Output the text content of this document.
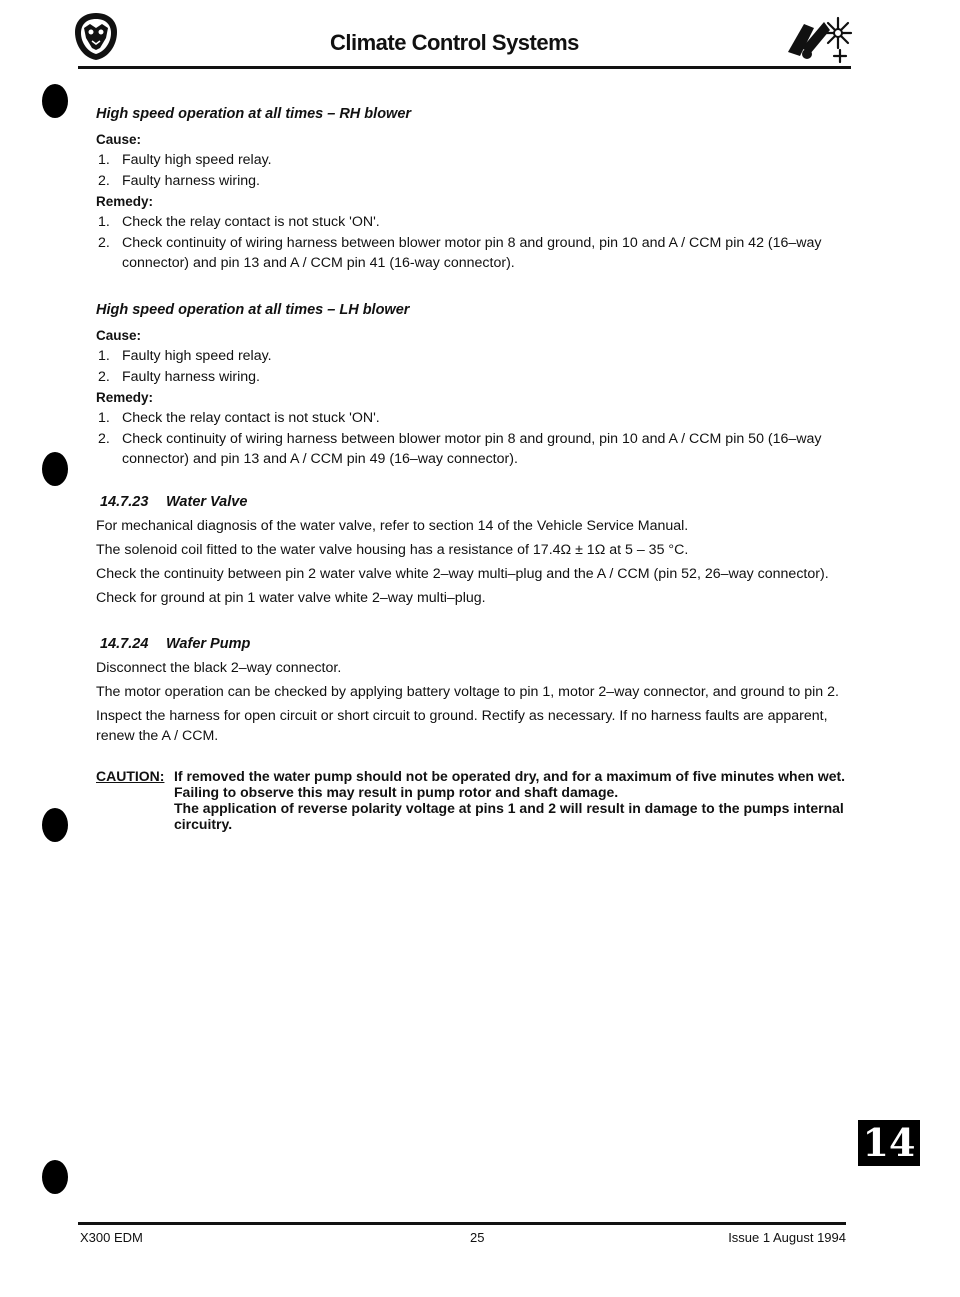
Climate Control Systems
High speed operation at all times – RH blower
Cause:
1. Faulty high speed relay.
2. Faulty harness wiring.
Remedy:
1. Check the relay contact is not stuck 'ON'.
2. Check continuity of wiring harness between blower motor pin 8 and ground, pin 10 and A / CCM pin 42 (16–way connector) and pin 13 and A / CCM pin 41 (16-way connector).
High speed operation at all times – LH blower
Cause:
1. Faulty high speed relay.
2. Faulty harness wiring.
Remedy:
1. Check the relay contact is not stuck 'ON'.
2. Check continuity of wiring harness between blower motor pin 8 and ground, pin 10 and A / CCM pin 50 (16–way connector) and pin 13 and A / CCM pin 49 (16–way connector).
14.7.23 Water Valve

For mechanical diagnosis of the water valve, refer to section 14 of the Vehicle Service Manual.

The solenoid coil fitted to the water valve housing has a resistance of 17.4Ω ± 1Ω at 5 – 35 °C.

Check the continuity between pin 2 water valve white 2–way multi–plug and the A / CCM (pin 52, 26–way connector).

Check for ground at pin 1 water valve white 2–way multi–plug.

14.7.24 Wafer Pump

Disconnect the black 2–way connector.

The motor operation can be checked by applying battery voltage to pin 1, motor 2–way connector, and ground to pin 2.

Inspect the harness for open circuit or short circuit to ground. Rectify as necessary. If no harness faults are apparent, renew the A / CCM.

CAUTION: If removed the water pump should not be operated dry, and for a maximum of five minutes when wet. Failing to observe this may result in pump rotor and shaft damage.
The application of reverse polarity voltage at pins 1 and 2 will result in damage to the pumps internal circuitry.
14
X300 EDM	25	Issue 1 August 1994
